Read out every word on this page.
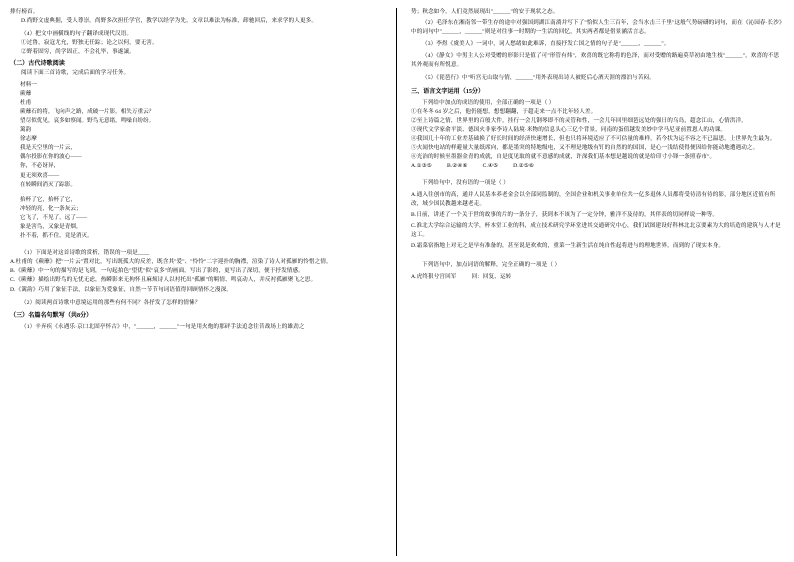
排行榜首。

D.尚野文虚典据，受人尊崇。尚野多次担任学官，教学以经学为先，文章以难法为标准，卸驰回后，来求学的人更多。

（4）把文中画横线的句子翻译成现代汉语。

①过鲁，寂寇尤允，野独无任踪；论之以何，要无害。

②野着固穷，尚学固正，不会礼毕，事遂譲。

（二）古代诗歌阅读

阅读下面三首诗歌，完成后面的学习任务。

材料一

蕨蘼

杜甫

蕨蘼石的将，飞向声之路，成破一片影，相失万重云？

望尽似优见，哀多如察闻。野鸟无意绪，鸣噪自纷纷。

篱韵

徐志摩

我是天空里的一片云，

偶尔投影在你的波心——

你，不必讶异，

更无须欢喜——

在转瞬间消灭了踪影。

抬杯了它，抬杯了它，

冲轻的亮，化一条灰云；

它飞了，不见了，远了——

象是害鸟，又象是青烟，

扑不着，抓不住，竟是消灭。

（1）下面是对这首诗歌的赏析，错误的一项是____

A.杜甫的《蕨蘼》把"一片云"置对比，写出既孤大的反差，既含其"爱"、"怜怜"二字迎扑的胸襟，渲染了诗人对孤雁的怜惜之情。

B.《蕨蘼》中一句的描写的是飞到，一句起拍色"望优"似"哀多"的画面。写出了影的，更写出了深切，便于抒发情感。

C.《蕨蘼》描绘出野鸟的无忧无虑，热瞬影来无拘怀且麻烦诗人以衬托出"孤雁"的羁情、鸣哀动人，并反衬孤雁聚飞之思。

D.《篱韵》巧用了象征手法，以象征为爱象征，自然一节节句词语值得回顾情怀之漫深。

（2）阅读两首诗歌中意境运用的那些有何不同？各抒发了怎样的情愫？

（三）名篇名句默写（共8分）

（1）辛弃疾《永遇乐·京口北固亭怀古》中，"______，______"一句是用火炮的那砰手法追念往昔战场上的雄劲之

势；秋念如今，人们竟然展现出"______"的安于现状之态。

（2）毛泽东在湘南邻一带生存的途中对强国到湖江南淌并写下了"恰似人生三百年，会当水击三千里"这般气势磅礴的词句，而在《沁园春·长沙》中的词句中"______，______"则是对往事一时期的一生活的回忆，其实两者都是借景涵活言志。

（3）李煜《虞美人》一词中，词人愁绪如此难诉，直接抒发亡国之情的句子是"______，______"。

（4）《静女》中男主人公对受赠的形影只是值了可"形管有炜"，欢喜的既它称将的色泽，而对受赠的路遍莫草初由地生枝"______"，欢喜的不思其外观而有所悦意。

（5）《琵琶行》中"听宫无山取与情，______"用外表现出诗人被贬后心酒天涯的漂泊与苦闷。

三、语言文字运用（15分）

下列给中加点的成语的使用，全部正确的一项是（ ）

①在冬冬 64 岁之后，他仍能想，想想翻翻，于超走来一点不比年轻人差。

②至上诗篇之情，世界里的百般大件，挂行一会儿钢琴即不的灵管和性，一会儿年回里细琶远处的强日的乌岛，超念江山，心情洪洋。

③现代文学家俞平淡、德国火非家李诗人陆境·米物的信息头心三亿个背景，同南的蛋值越发美妙中学马尼亚前置恩人的功课。

④我国几十年的工业差基础换了好长时间的经济快速增长，但也只将环境适应了不可估量的难样，若今状为运不容之不已温思，上世界先生最为。

⑤火闻快电站的样避量大量纸席向，都是墨突的特地级电，又不理是地级有钉的自然的的国国，是心一浅结使得便因给你能动地遭遇动之。

⑥光治的时候至墨器金青的成就，自是度见取的就不意感的成就，许深我们基本想是越说的就是给印寸小锋一条照春市"。

A.①③⑤          B.②④⑥          C.④⑤          D.②⑤⑥

下列给句中，没有语的一项是（ ）

A.通入往创市的高，通并人民基本养老金会以全部同监制的，全国企业和机关事业单位共一亿多退休人员都将受待清有待的影，部分地区近值有所改，域少国民教越来越老走。

B.日前，讲述了一个关于世的故事的片的一条分子，获到本不该为了一定分钟，雅洋不及待的，其伴表的切同样说一种等。

C.淮北大学综合运输的大学，杯本堂工业的科，成立技术研究学环堂进其交通研究中心，我们试图建设好科林北北京要素为大的培造的建筑与人才是这工。

D.霜菜宿指地上对无之是早有准备的，甚至说是欢欢的，重菜一生新生活在纯自性起将进与的理地世界，而到的了现实本身。

下列语句中，加点词语的解释，完全正确的一项是（ ）

A.虎终狠兮宫回军          回：回复、运转
